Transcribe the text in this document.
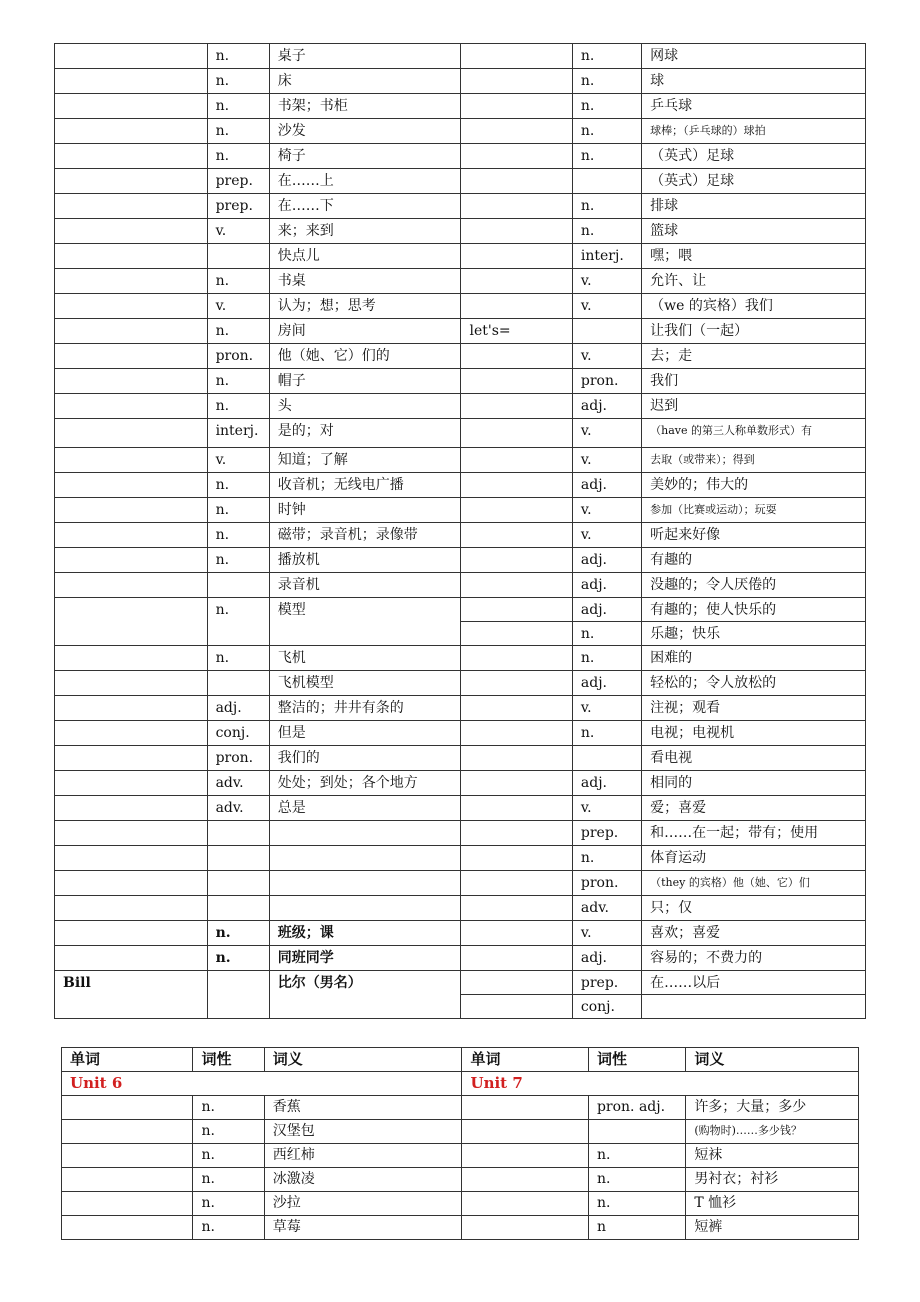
	n.	桌子		n.	网球
	n.	床		n.	球
	n.	书架；书柜		n.	乒乓球
	n.	沙发		n.	球棒；（乒乓球的）球拍
	n.	椅子		n.	（英式）足球
	prep.	在……上			（英式）足球
	prep.	在……下		n.	排球
	v.	来；来到		n.	篮球
		快点儿		interj.	嘿；喂
	n.	书桌		v.	允许、让
	v.	认为；想；思考		v.	（we 的宾格）我们
	n.	房间	let's=		让我们（一起）
	pron.	他（她、它）们的		v.	去；走
	n.	帽子		pron.	我们
	n.	头		adj.	迟到
	interj.	是的；对		v.	（have 的第三人称单数形式）有
	v.	知道；了解		v.	去取（或带来）；得到
	n.	收音机；无线电广播		adj.	美妙的；伟大的
	n.	时钟		v.	参加（比赛或运动）；玩耍
	n.	磁带；录音机；录像带		v.	听起来好像
	n.	播放机		adj.	有趣的
		录音机		adj.	没趣的；令人厌倦的
	n.	模型		adj.	有趣的；使人快乐的
				n.	乐趣；快乐
	n.	飞机		n.	困难的
		飞机模型		adj.	轻松的；令人放松的
	adj.	整洁的；井井有条的		v.	注视；观看
	conj.	但是		n.	电视；电视机
	pron.	我们的			看电视
	adv.	处处；到处；各个地方		adj.	相同的
	adv.	总是		v.	爱；喜爱
				prep.	和……在一起；带有；使用
				n.	体育运动
				pron.	（they 的宾格）他（她、它）们
				adv.	只；仅
	n.	班级；课		v.	喜欢；喜爱
	n.	同班同学		adj.	容易的；不费力的
Bill		比尔（男名）		prep.	在……以后
				conj.	
单词	词性	词义	单词	词性	词义
Unit 6			Unit 7		
	n.	香蕉		pron. adj.	许多；大量；多少
	n.	汉堡包			(购物时)……多少钱？
	n.	西红柿		n.	短袜
	n.	冰激凌		n.	男衬衣；衬衫
	n.	沙拉		n.	T 恤衫
	n.	草莓		n	短裤
